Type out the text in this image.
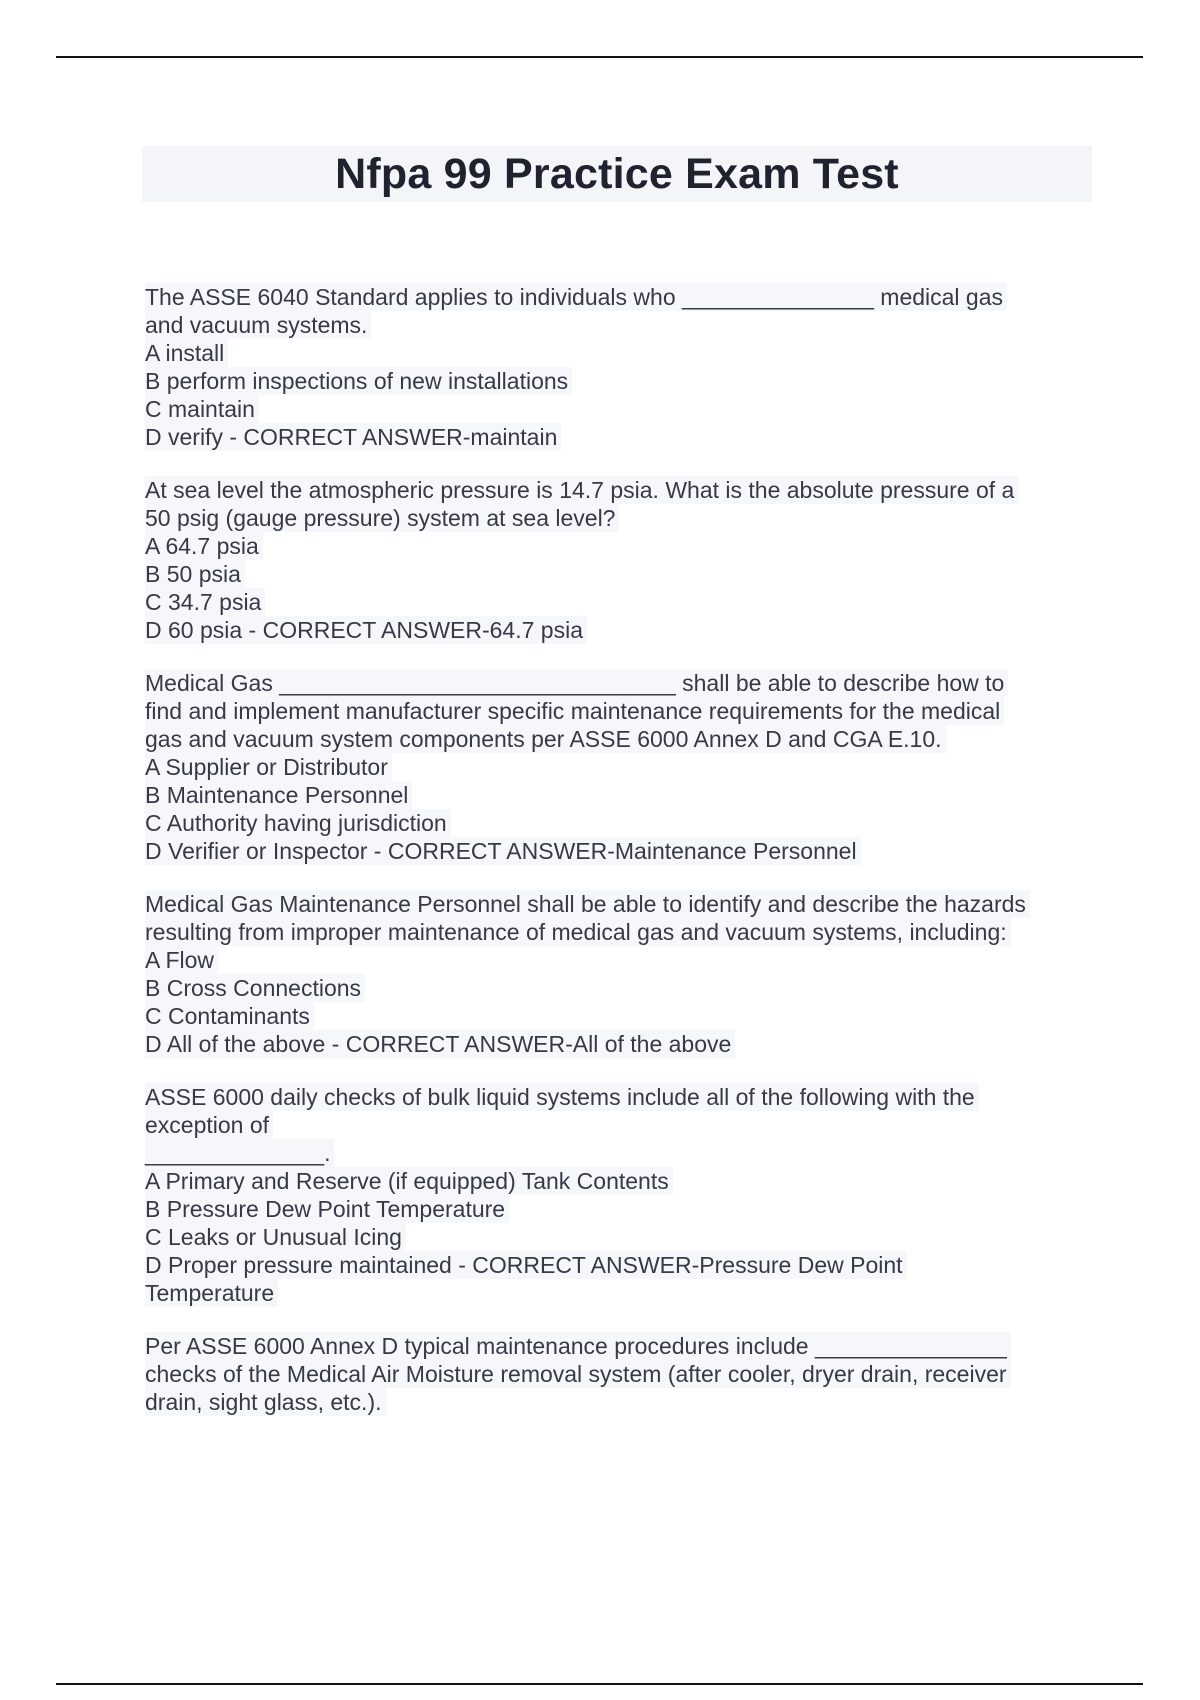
Nfpa 99 Practice Exam Test
The ASSE 6040 Standard applies to individuals who _______________ medical gas
and vacuum systems.
A install
B perform inspections of new installations
C maintain
D verify - CORRECT ANSWER-maintain
At sea level the atmospheric pressure is 14.7 psia. What is the absolute pressure of a
50 psig (gauge pressure) system at sea level?
A 64.7 psia
B 50 psia
C 34.7 psia
D 60 psia - CORRECT ANSWER-64.7 psia
Medical Gas _______________________________ shall be able to describe how to
find and implement manufacturer specific maintenance requirements for the medical
gas and vacuum system components per ASSE 6000 Annex D and CGA E.10.
A Supplier or Distributor
B Maintenance Personnel
C Authority having jurisdiction
D Verifier or Inspector - CORRECT ANSWER-Maintenance Personnel
Medical Gas Maintenance Personnel shall be able to identify and describe the hazards
resulting from improper maintenance of medical gas and vacuum systems, including:
A Flow
B Cross Connections
C Contaminants
D All of the above - CORRECT ANSWER-All of the above
ASSE 6000 daily checks of bulk liquid systems include all of the following with the
exception of
______________.
A Primary and Reserve (if equipped) Tank Contents
B Pressure Dew Point Temperature
C Leaks or Unusual Icing
D Proper pressure maintained - CORRECT ANSWER-Pressure Dew Point
Temperature
Per ASSE 6000 Annex D typical maintenance procedures include _______________
checks of the Medical Air Moisture removal system (after cooler, dryer drain, receiver
drain, sight glass, etc.).
